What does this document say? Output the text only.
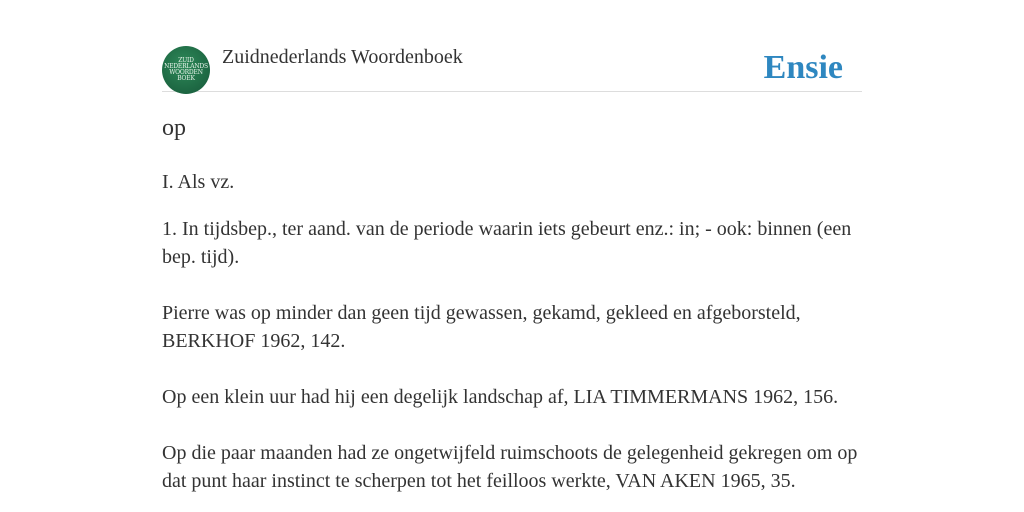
ZUID
NEDERLANDS
WOORDEN
BOEK
Zuidnederlands Woordenboek	Ensie
op

I. Als vz.

1. In tijdsbep., ter aand. van de periode waarin iets gebeurt enz.: in; - ook: binnen (een bep. tijd).

Pierre was op minder dan geen tijd gewassen, gekamd, gekleed en afgeborsteld, BERKHOF 1962, 142.

Op een klein uur had hij een degelijk landschap af, LIA TIMMERMANS 1962, 156.

Op die paar maanden had ze ongetwijfeld ruimschoots de gelegenheid gekregen om op dat punt haar instinct te scherpen tot het feilloos werkte, VAN AKEN 1965, 35.
